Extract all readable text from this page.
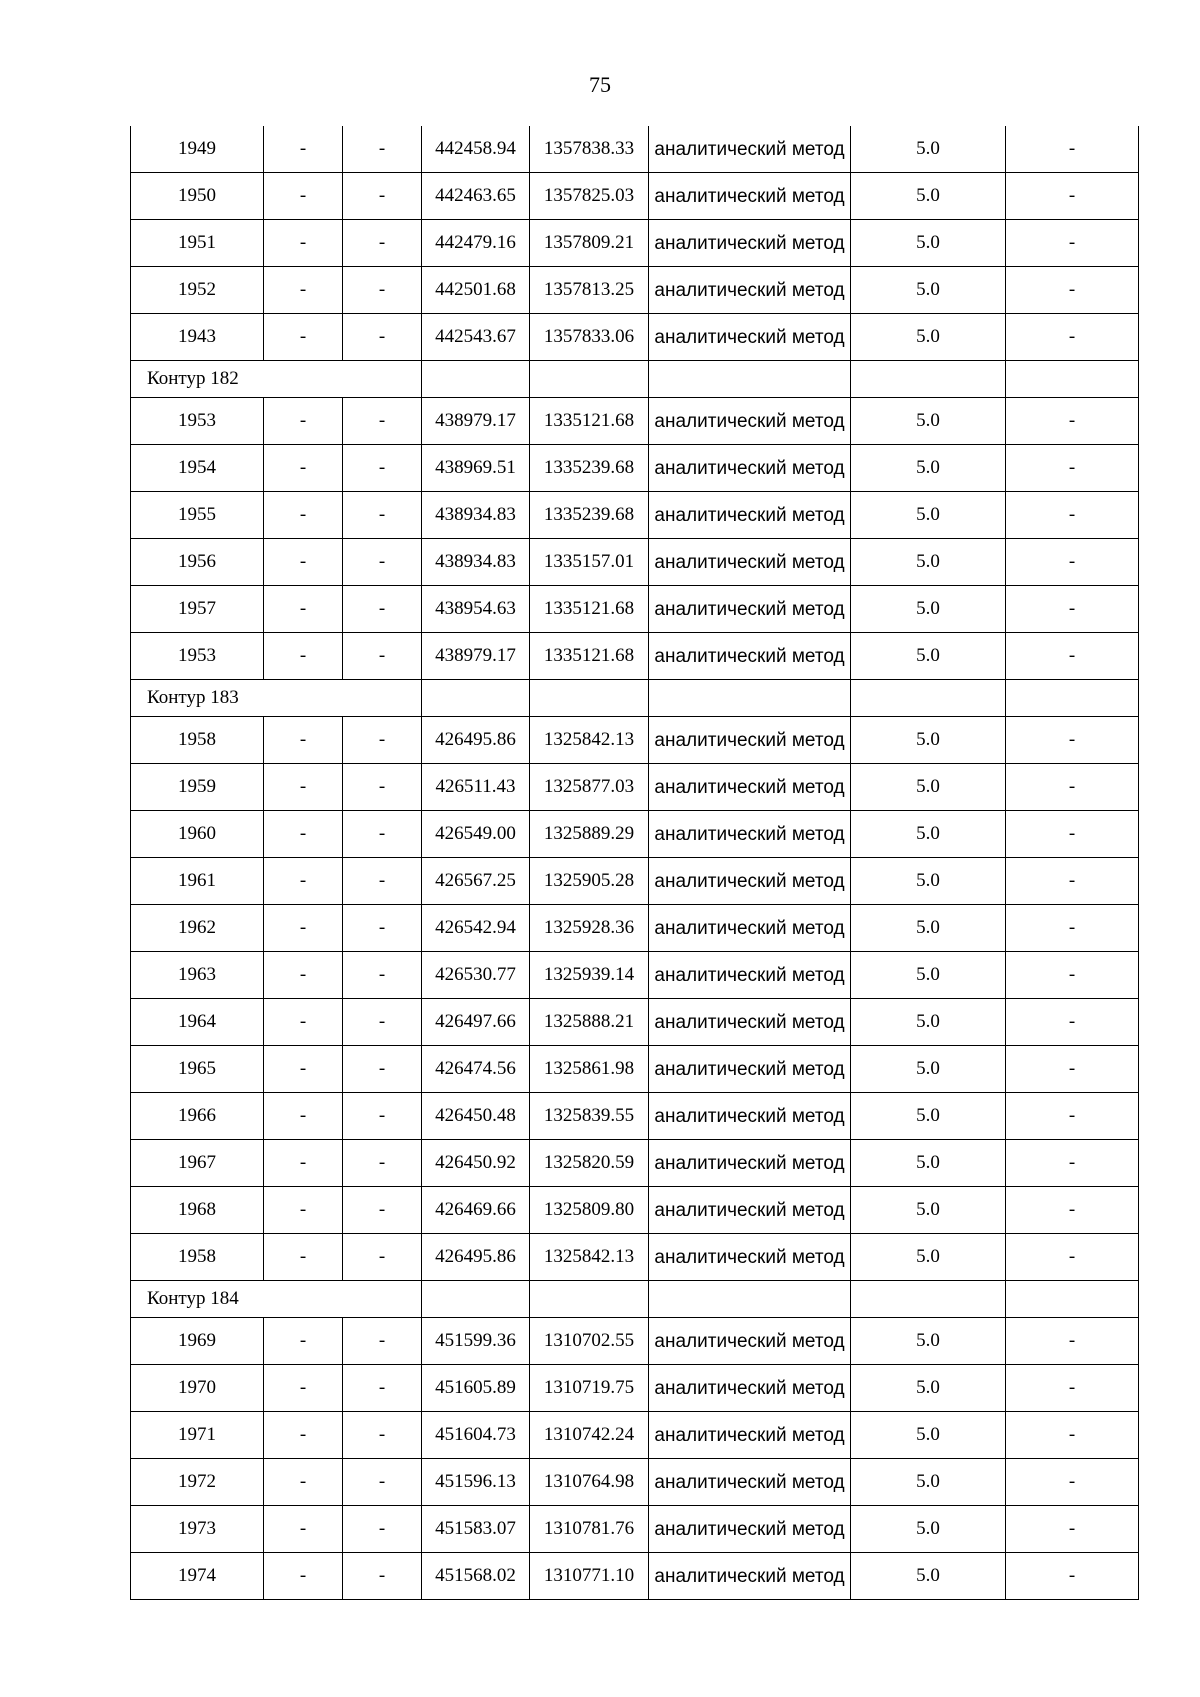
75
1949	-	-	442458.94	1357838.33	аналитический метод	5.0	-
1950	-	-	442463.65	1357825.03	аналитический метод	5.0	-
1951	-	-	442479.16	1357809.21	аналитический метод	5.0	-
1952	-	-	442501.68	1357813.25	аналитический метод	5.0	-
1943	-	-	442543.67	1357833.06	аналитический метод	5.0	-
Контур 182							
1953	-	-	438979.17	1335121.68	аналитический метод	5.0	-
1954	-	-	438969.51	1335239.68	аналитический метод	5.0	-
1955	-	-	438934.83	1335239.68	аналитический метод	5.0	-
1956	-	-	438934.83	1335157.01	аналитический метод	5.0	-
1957	-	-	438954.63	1335121.68	аналитический метод	5.0	-
1953	-	-	438979.17	1335121.68	аналитический метод	5.0	-
Контур 183							
1958	-	-	426495.86	1325842.13	аналитический метод	5.0	-
1959	-	-	426511.43	1325877.03	аналитический метод	5.0	-
1960	-	-	426549.00	1325889.29	аналитический метод	5.0	-
1961	-	-	426567.25	1325905.28	аналитический метод	5.0	-
1962	-	-	426542.94	1325928.36	аналитический метод	5.0	-
1963	-	-	426530.77	1325939.14	аналитический метод	5.0	-
1964	-	-	426497.66	1325888.21	аналитический метод	5.0	-
1965	-	-	426474.56	1325861.98	аналитический метод	5.0	-
1966	-	-	426450.48	1325839.55	аналитический метод	5.0	-
1967	-	-	426450.92	1325820.59	аналитический метод	5.0	-
1968	-	-	426469.66	1325809.80	аналитический метод	5.0	-
1958	-	-	426495.86	1325842.13	аналитический метод	5.0	-
Контур 184							
1969	-	-	451599.36	1310702.55	аналитический метод	5.0	-
1970	-	-	451605.89	1310719.75	аналитический метод	5.0	-
1971	-	-	451604.73	1310742.24	аналитический метод	5.0	-
1972	-	-	451596.13	1310764.98	аналитический метод	5.0	-
1973	-	-	451583.07	1310781.76	аналитический метод	5.0	-
1974	-	-	451568.02	1310771.10	аналитический метод	5.0	-
